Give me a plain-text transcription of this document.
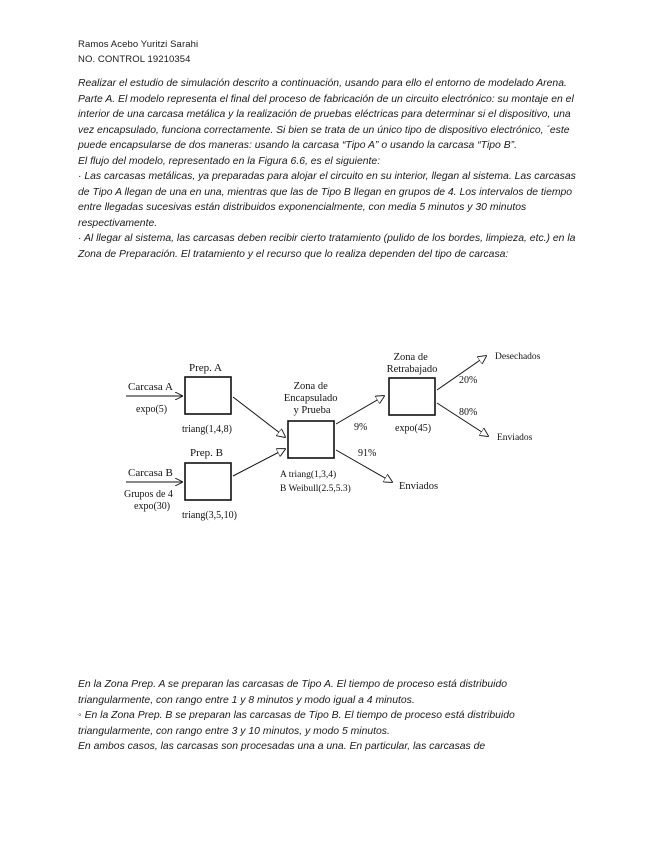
Ramos Acebo Yuritzi Sarahi
NO. CONTROL 19210354

Realizar el estudio de simulación descrito a continuación, usando para ello el entorno de modelado Arena. Parte A. El modelo representa el final del proceso de fabricación de un circuito electrónico: su montaje en el interior de una carcasa metálica y la realización de pruebas eléctricas para determinar si el dispositivo, una vez encapsulado, funciona correctamente. Si bien se trata de un único tipo de dispositivo electrónico, ´este puede encapsularse de dos maneras: usando la carcasa “Tipo A” o usando la carcasa “Tipo B”.

El flujo del modelo, representado en la Figura 6.6, es el siguiente:

· Las carcasas metálicas, ya preparadas para alojar el circuito en su interior, llegan al sistema. Las carcasas de Tipo A llegan de una en una, mientras que las de Tipo B llegan en grupos de 4. Los intervalos de tiempo entre llegadas sucesivas están distribuidos exponencialmente, con media 5 minutos y 30 minutos respectivamente.

· Al llegar al sistema, las carcasas deben recibir cierto tratamiento (pulido de los bordes, limpieza, etc.) en la Zona de Preparación. El tratamiento y el recurso que lo realiza dependen del tipo de carcasa:

Carcasa A
expo(5)
Prep. A
triang(1,4,8)
Carcasa B
Grupos de 4
expo(30)
Prep. B
triang(3,5,10)
Zona de Encapsulado y Prueba
A triang(1,3,4)
B Weibull(2.5,5.3)
9%
91%
Enviados
Zona de Retrabajado
expo(45)
20%
Desechados
80%
Enviados

En la Zona Prep. A se preparan las carcasas de Tipo A. El tiempo de proceso está distribuido triangularmente, con rango entre 1 y 8 minutos y modo igual a 4 minutos.

◦ En la Zona Prep. B se preparan las carcasas de Tipo B. El tiempo de proceso está distribuido triangularmente, con rango entre 3 y 10 minutos, y modo 5 minutos.

En ambos casos, las carcasas son procesadas una a una. En particular, las carcasas de
